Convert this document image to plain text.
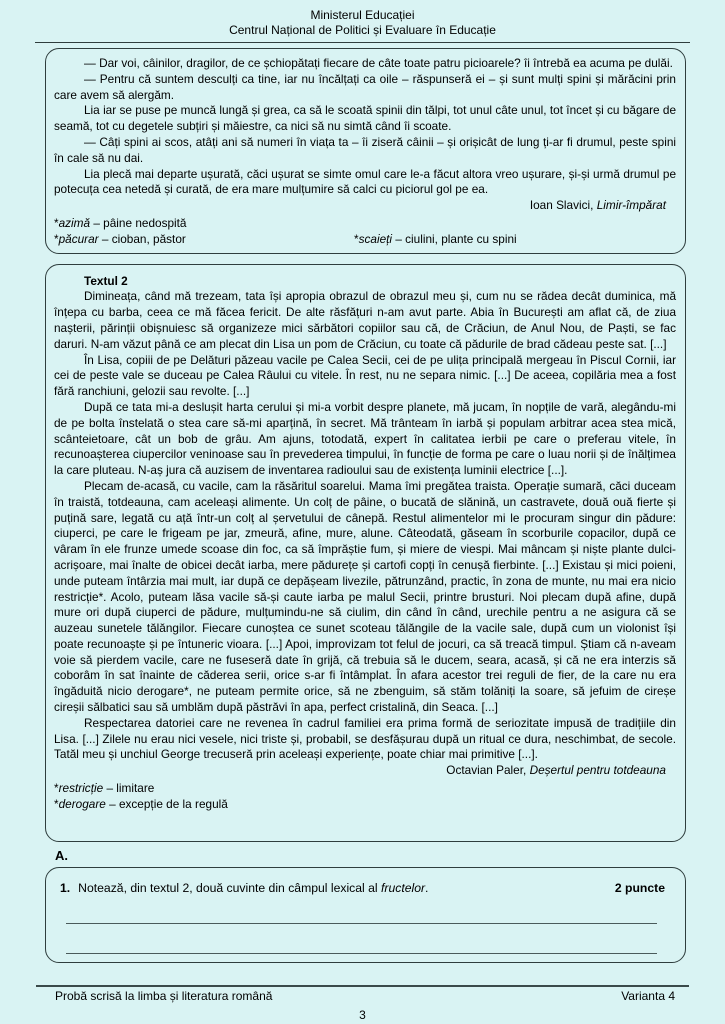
Ministerul Educației
Centrul Național de Politici și Evaluare în Educație

— Dar voi, câinilor, dragilor, de ce șchiopătați fiecare de câte toate patru picioarele? îi întrebă ea acuma pe dulăi.

— Pentru că suntem desculți ca tine, iar nu încălțați ca oile – răspunseră ei – și sunt mulți spini și mărăcini prin care avem să alergăm.

Lia iar se puse pe muncă lungă și grea, ca să le scoată spinii din tălpi, tot unul câte unul, tot încet și cu băgare de seamă, tot cu degetele subțiri și măiestre, ca nici să nu simtă când îi scoate.

— Câți spini ai scos, atâți ani să numeri în viața ta – îi ziseră câinii – și orișicât de lung ți-ar fi drumul, peste spini în cale să nu dai.

Lia plecă mai departe ușurată, căci ușurat se simte omul care le-a făcut altora vreo ușurare, și-și urmă drumul pe potecuța cea netedă și curată, de era mare mulțumire să calci cu piciorul gol pe ea.

Ioan Slavici, Limir-împărat
*azimă – pâine nedospită
*păcurar – cioban, păstor	*scaieți – ciulini, plante cu spini
Textul 2

Dimineața, când mă trezeam, tata își apropia obrazul de obrazul meu și, cum nu se rădea decât duminica, mă înțepa cu barba, ceea ce mă făcea fericit. De alte răsfățuri n-am avut parte. Abia în București am aflat că, de ziua nașterii, părinții obișnuiesc să organizeze mici sărbători copiilor sau că, de Crăciun, de Anul Nou, de Paști, se fac daruri. N-am văzut până ce am plecat din Lisa un pom de Crăciun, cu toate că pădurile de brad cădeau peste sat. [...]

În Lisa, copiii de pe Delături păzeau vacile pe Calea Secii, cei de pe ulița principală mergeau în Piscul Cornii, iar cei de peste vale se duceau pe Calea Râului cu vitele. În rest, nu ne separa nimic. [...] De aceea, copilăria mea a fost fără ranchiuni, gelozii sau revolte. [...]

După ce tata mi-a deslușit harta cerului și mi-a vorbit despre planete, mă jucam, în nopțile de vară, alegându-mi de pe bolta înstelată o stea care să-mi aparțină, în secret. Mă trânteam în iarbă și populam arbitrar acea stea mică, scânteietoare, cât un bob de grâu. Am ajuns, totodată, expert în calitatea ierbii pe care o preferau vitele, în recunoașterea ciupercilor veninoase sau în prevederea timpului, în funcție de forma pe care o luau norii și de înălțimea la care pluteau. N-aș jura că auzisem de inventarea radioului sau de existența luminii electrice [...].

Plecam de-acasă, cu vacile, cam la răsăritul soarelui. Mama îmi pregătea traista. Operație sumară, căci duceam în traistă, totdeauna, cam aceleași alimente. Un colț de pâine, o bucată de slănină, un castravete, două ouă fierte și puțină sare, legată cu ață într-un colț al șervetului de cânepă. Restul alimentelor mi le procuram singur din pădure: ciuperci, pe care le frigeam pe jar, zmeură, afine, mure, alune. Câteodată, găseam în scorburile copacilor, după ce vâram în ele frunze umede scoase din foc, ca să împrăștie fum, și miere de viespi. Mai mâncam și niște plante dulci-acrișoare, mai înalte de obicei decât iarba, mere pădurețe și cartofi copți în cenușă fierbinte. [...] Existau și mici poieni, unde puteam întârzia mai mult, iar după ce depășeam livezile, pătrunzând, practic, în zona de munte, nu mai era nicio restricție*. Acolo, puteam lăsa vacile să-și caute iarba pe malul Secii, printre brusturi. Noi plecam după afine, după mure ori după ciuperci de pădure, mulțumindu-ne să ciulim, din când în când, urechile pentru a ne asigura că se auzeau sunetele tălăngilor. Fiecare cunoștea ce sunet scoteau tălăngile de la vacile sale, după cum un violonist își poate recunoaște și pe întuneric vioara. [...] Apoi, improvizam tot felul de jocuri, ca să treacă timpul. Știam că n-aveam voie să pierdem vacile, care ne fuseseră date în grijă, că trebuia să le ducem, seara, acasă, și că ne era interzis să coborâm în sat înainte de căderea serii, orice s-ar fi întâmplat. În afara acestor trei reguli de fier, de la care nu era îngăduită nicio derogare*, ne puteam permite orice, să ne zbenguim, să stăm tolăniți la soare, să jefuim de cireșe cireșii sălbatici sau să umblăm după păstrăvi în apa, perfect cristalină, din Seaca. [...]

Respectarea datoriei care ne revenea în cadrul familiei era prima formă de seriozitate impusă de tradițiile din Lisa. [...] Zilele nu erau nici vesele, nici triste și, probabil, se desfășurau după un ritual ce dura, neschimbat, de secole. Tatăl meu și unchiul George trecuseră prin aceleași experiențe, poate chiar mai primitive [...].

Octavian Paler, Deșertul pentru totdeauna
*restricție – limitare
*derogare – excepție de la regulă
A.
1. Notează, din textul 2, două cuvinte din câmpul lexical al fructelor.	2 puncte
Probă scrisă la limba și literatura română	Varianta 4
3
